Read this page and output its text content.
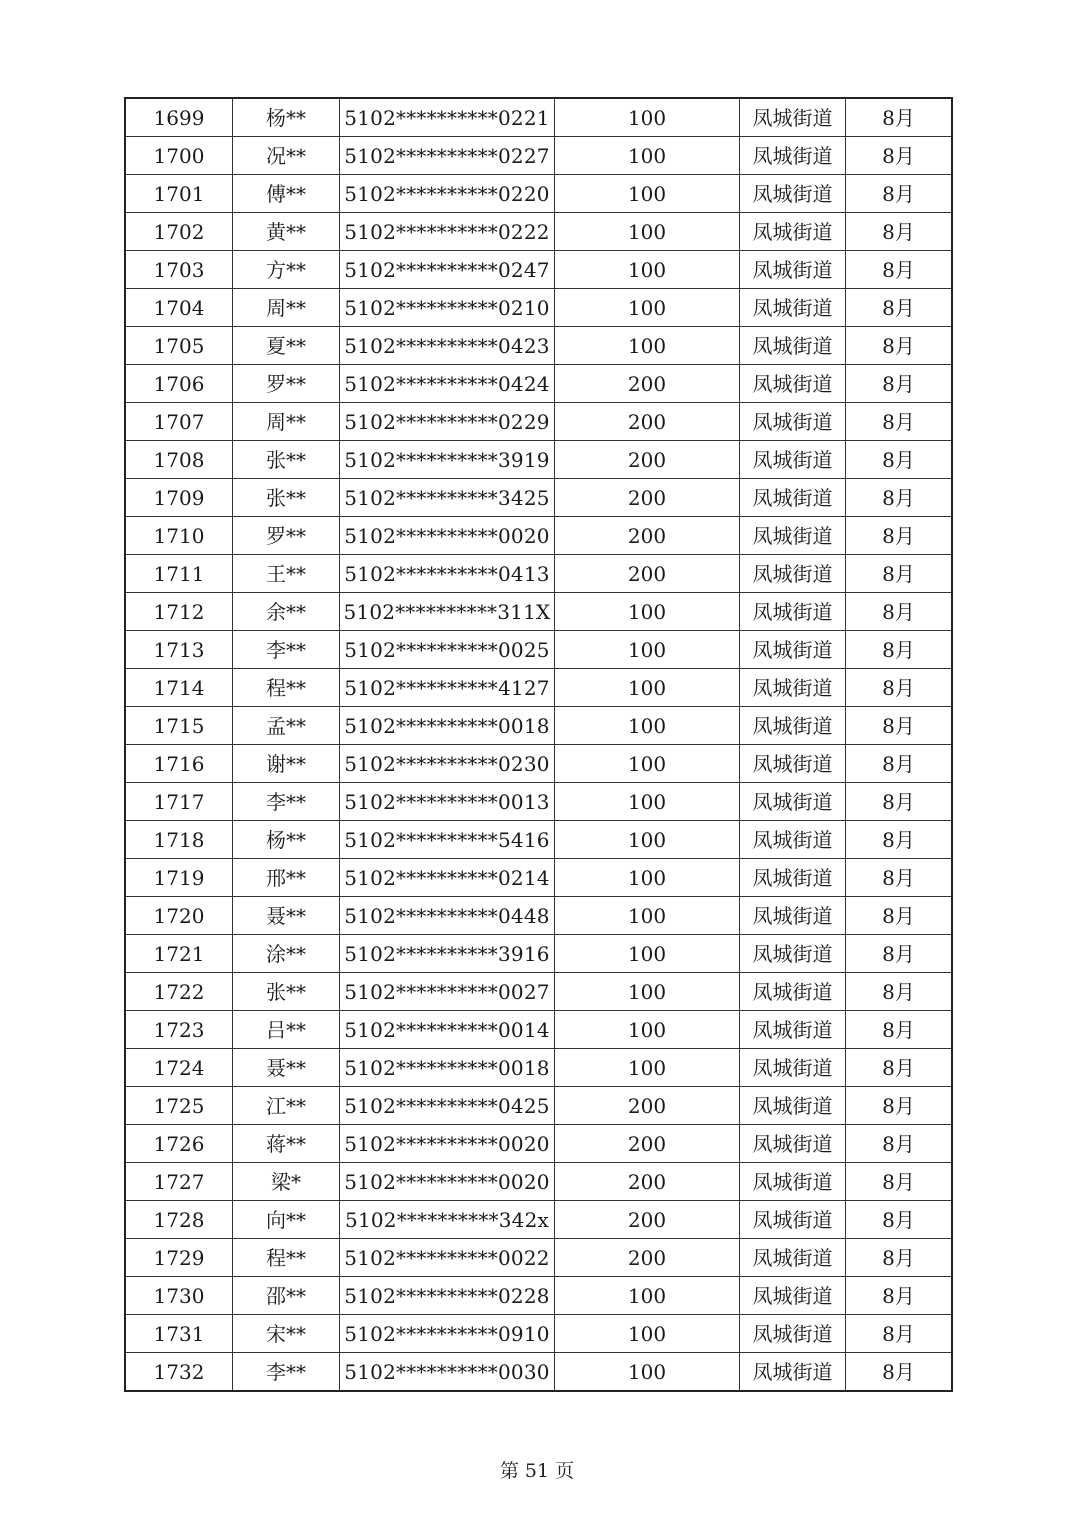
1699	杨**	5102**********0221	100	凤城街道	8月
1700	况**	5102**********0227	100	凤城街道	8月
1701	傅**	5102**********0220	100	凤城街道	8月
1702	黄**	5102**********0222	100	凤城街道	8月
1703	方**	5102**********0247	100	凤城街道	8月
1704	周**	5102**********0210	100	凤城街道	8月
1705	夏**	5102**********0423	100	凤城街道	8月
1706	罗**	5102**********0424	200	凤城街道	8月
1707	周**	5102**********0229	200	凤城街道	8月
1708	张**	5102**********3919	200	凤城街道	8月
1709	张**	5102**********3425	200	凤城街道	8月
1710	罗**	5102**********0020	200	凤城街道	8月
1711	王**	5102**********0413	200	凤城街道	8月
1712	余**	5102**********311X	100	凤城街道	8月
1713	李**	5102**********0025	100	凤城街道	8月
1714	程**	5102**********4127	100	凤城街道	8月
1715	孟**	5102**********0018	100	凤城街道	8月
1716	谢**	5102**********0230	100	凤城街道	8月
1717	李**	5102**********0013	100	凤城街道	8月
1718	杨**	5102**********5416	100	凤城街道	8月
1719	邢**	5102**********0214	100	凤城街道	8月
1720	聂**	5102**********0448	100	凤城街道	8月
1721	涂**	5102**********3916	100	凤城街道	8月
1722	张**	5102**********0027	100	凤城街道	8月
1723	吕**	5102**********0014	100	凤城街道	8月
1724	聂**	5102**********0018	100	凤城街道	8月
1725	江**	5102**********0425	200	凤城街道	8月
1726	蒋**	5102**********0020	200	凤城街道	8月
1727	梁*	5102**********0020	200	凤城街道	8月
1728	向**	5102**********342x	200	凤城街道	8月
1729	程**	5102**********0022	200	凤城街道	8月
1730	邵**	5102**********0228	100	凤城街道	8月
1731	宋**	5102**********0910	100	凤城街道	8月
1732	李**	5102**********0030	100	凤城街道	8月
第 51 页
